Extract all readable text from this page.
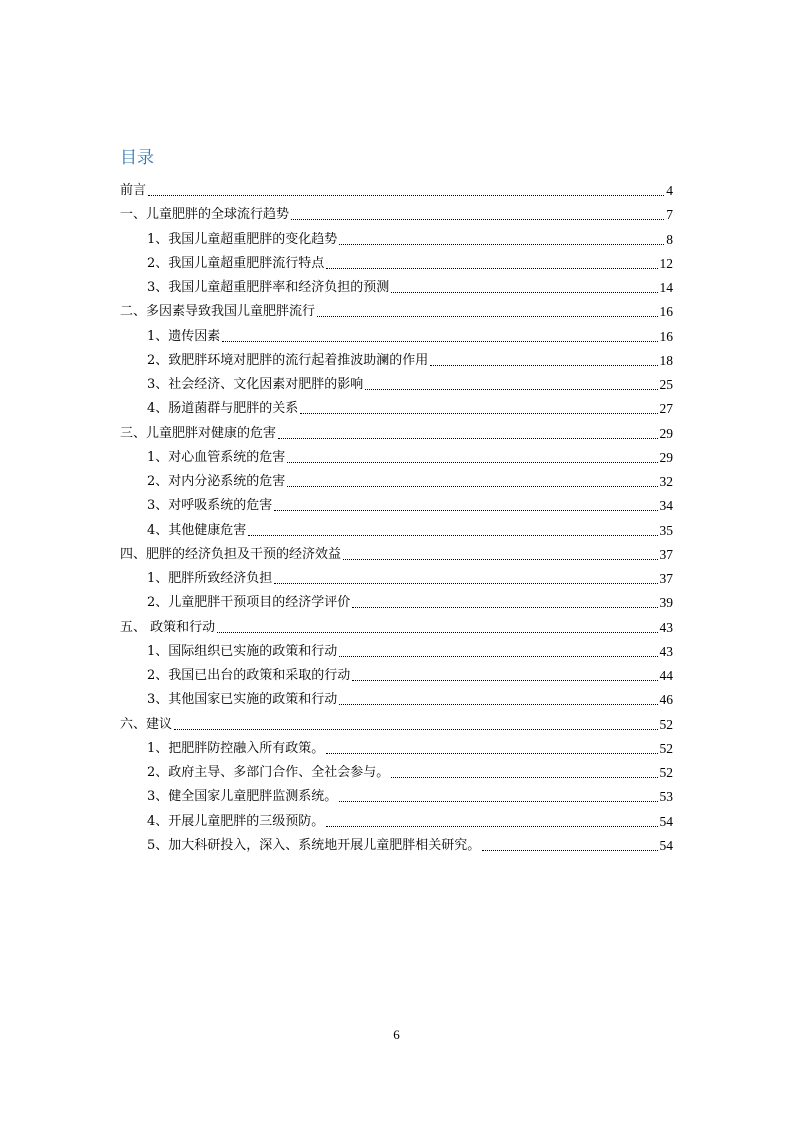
目录
前言	4
一、儿童肥胖的全球流行趋势	7
1、我国儿童超重肥胖的变化趋势	8
2、我国儿童超重肥胖流行特点	12
3、我国儿童超重肥胖率和经济负担的预测	14
二、多因素导致我国儿童肥胖流行	16
1、遗传因素	16
2、致肥胖环境对肥胖的流行起着推波助澜的作用	18
3、社会经济、文化因素对肥胖的影响	25
4、肠道菌群与肥胖的关系	27
三、儿童肥胖对健康的危害	29
1、对心血管系统的危害	29
2、对内分泌系统的危害	32
3、对呼吸系统的危害	34
4、其他健康危害	35
四、肥胖的经济负担及干预的经济效益	37
1、肥胖所致经济负担	37
2、儿童肥胖干预项目的经济学评价	39
五、 政策和行动	43
1、国际组织已实施的政策和行动	43
2、我国已出台的政策和采取的行动	44
3、其他国家已实施的政策和行动	46
六、建议	52
1、把肥胖防控融入所有政策。	52
2、政府主导、多部门合作、全社会参与。	52
3、健全国家儿童肥胖监测系统。	53
4、开展儿童肥胖的三级预防。	54
5、加大科研投入，深入、系统地开展儿童肥胖相关研究。	54
6
